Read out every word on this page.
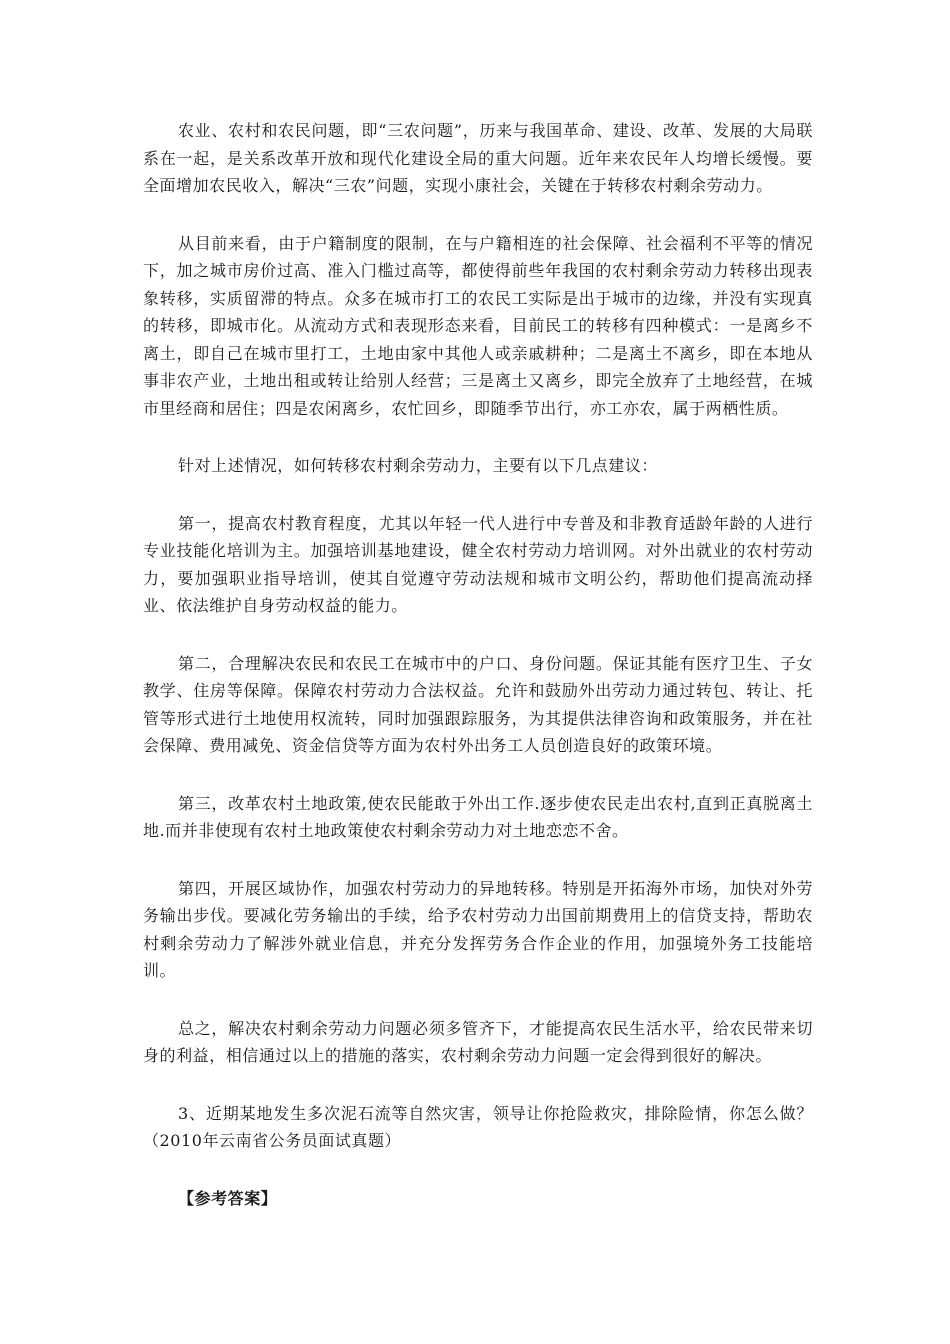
农业、农村和农民问题，即“三农问题”，历来与我国革命、建设、改革、发展的大局联系在一起，是关系改革开放和现代化建设全局的重大问题。近年来农民年人均增长缓慢。要全面增加农民收入，解决“三农”问题，实现小康社会，关键在于转移农村剩余劳动力。

从目前来看，由于户籍制度的限制，在与户籍相连的社会保障、社会福利不平等的情况下，加之城市房价过高、准入门槛过高等，都使得前些年我国的农村剩余劳动力转移出现表象转移，实质留滞的特点。众多在城市打工的农民工实际是出于城市的边缘，并没有实现真的转移，即城市化。从流动方式和表现形态来看，目前民工的转移有四种模式：一是离乡不离土，即自己在城市里打工，土地由家中其他人或亲戚耕种；二是离土不离乡，即在本地从事非农产业，土地出租或转让给别人经营；三是离土又离乡，即完全放弃了土地经营，在城市里经商和居住；四是农闲离乡，农忙回乡，即随季节出行，亦工亦农，属于两栖性质。

针对上述情况，如何转移农村剩余劳动力，主要有以下几点建议：

第一，提高农村教育程度，尤其以年轻一代人进行中专普及和非教育适龄年龄的人进行专业技能化培训为主。加强培训基地建设，健全农村劳动力培训网。对外出就业的农村劳动力，要加强职业指导培训，使其自觉遵守劳动法规和城市文明公约，帮助他们提高流动择业、依法维护自身劳动权益的能力。

第二，合理解决农民和农民工在城市中的户口、身份问题。保证其能有医疗卫生、子女教学、住房等保障。保障农村劳动力合法权益。允许和鼓励外出劳动力通过转包、转让、托管等形式进行土地使用权流转，同时加强跟踪服务，为其提供法律咨询和政策服务，并在社会保障、费用减免、资金信贷等方面为农村外出务工人员创造良好的政策环境。

第三，改革农村土地政策,使农民能敢于外出工作.逐步使农民走出农村,直到正真脱离土地.而并非使现有农村土地政策使农村剩余劳动力对土地恋恋不舍。

第四，开展区域协作，加强农村劳动力的异地转移。特别是开拓海外市场，加快对外劳务输出步伐。要减化劳务输出的手续，给予农村劳动力出国前期费用上的信贷支持，帮助农村剩余劳动力了解涉外就业信息，并充分发挥劳务合作企业的作用，加强境外务工技能培训。

总之，解决农村剩余劳动力问题必须多管齐下，才能提高农民生活水平，给农民带来切身的利益，相信通过以上的措施的落实，农村剩余劳动力问题一定会得到很好的解决。

3、近期某地发生多次泥石流等自然灾害，领导让你抢险救灾，排除险情，你怎么做？（2010年云南省公务员面试真题）

【参考答案】
